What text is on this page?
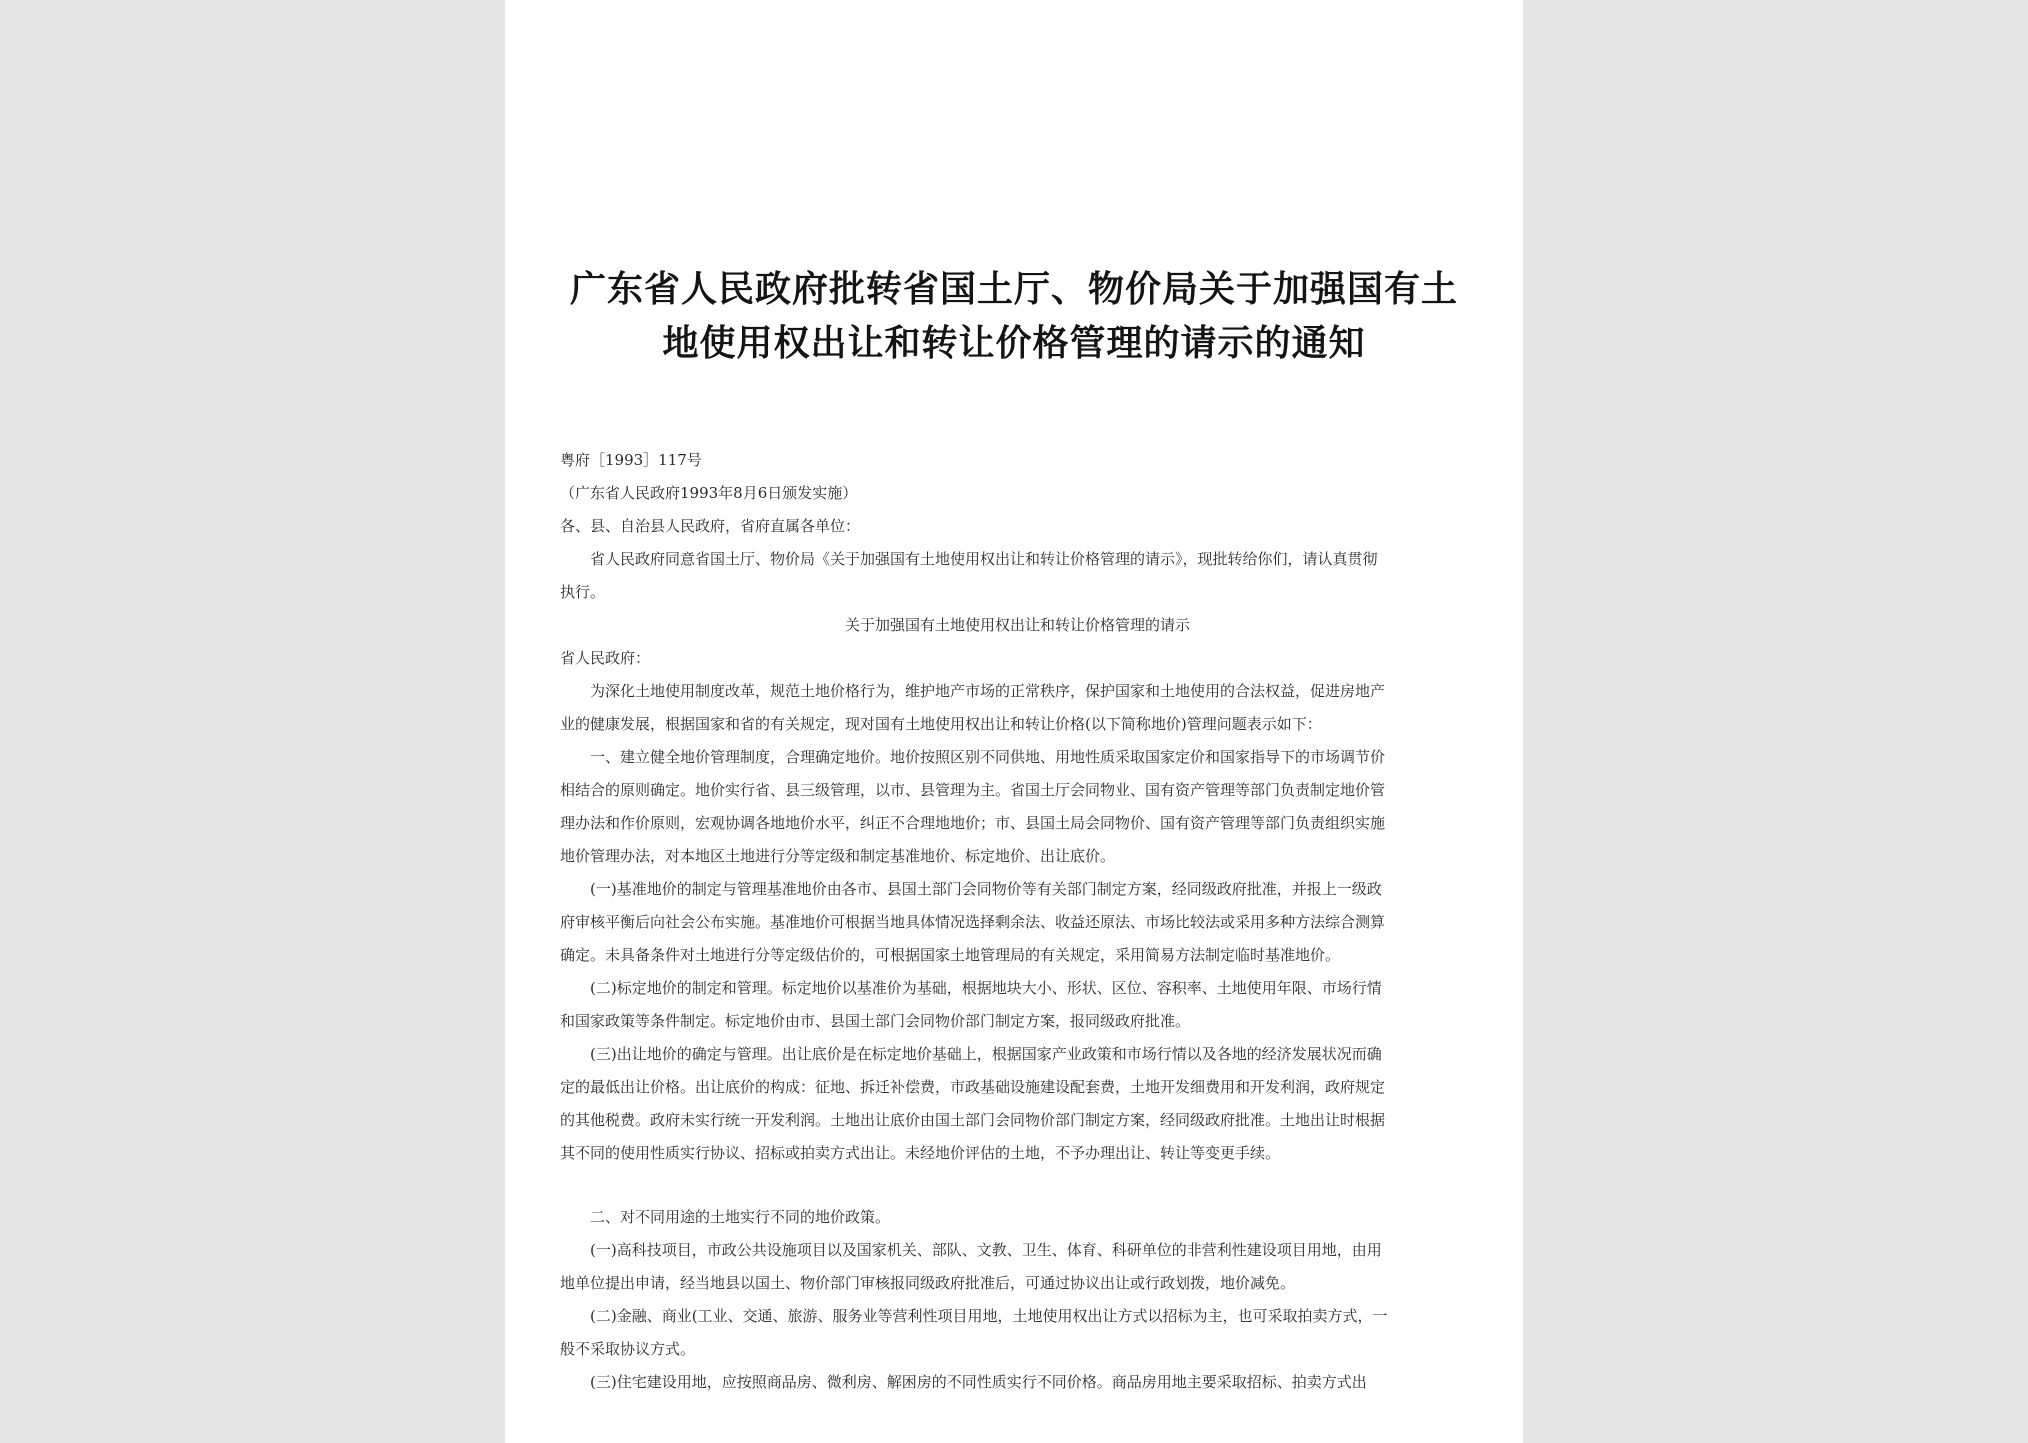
广东省人民政府批转省国土厅、物价局关于加强国有土
地使用权出让和转让价格管理的请示的通知
粤府［1993］117号
（广东省人民政府1993年8月6日颁发实施）
各、县、自治县人民政府，省府直属各单位：
省人民政府同意省国土厅、物价局《关于加强国有土地使用权出让和转让价格管理的请示》，现批转给你们，请认真贯彻
执行。
关于加强国有土地使用权出让和转让价格管理的请示
省人民政府：
为深化土地使用制度改革，规范土地价格行为，维护地产市场的正常秩序，保护国家和土地使用的合法权益，促进房地产
业的健康发展，根据国家和省的有关规定，现对国有土地使用权出让和转让价格(以下简称地价)管理问题表示如下：
一、建立健全地价管理制度，合理确定地价。地价按照区别不同供地、用地性质采取国家定价和国家指导下的市场调节价
相结合的原则确定。地价实行省、县三级管理，以市、县管理为主。省国土厅会同物业、国有资产管理等部门负责制定地价管
理办法和作价原则，宏观协调各地地价水平，纠正不合理地地价；市、县国土局会同物价、国有资产管理等部门负责组织实施
地价管理办法，对本地区土地进行分等定级和制定基准地价、标定地价、出让底价。
(一)基准地价的制定与管理基准地价由各市、县国土部门会同物价等有关部门制定方案，经同级政府批准，并报上一级政
府审核平衡后向社会公布实施。基准地价可根据当地具体情况选择剩余法、收益还原法、市场比较法或采用多种方法综合测算
确定。未具备条件对土地进行分等定级估价的，可根据国家土地管理局的有关规定，采用简易方法制定临时基准地价。
(二)标定地价的制定和管理。标定地价以基准价为基础，根据地块大小、形状、区位、容积率、土地使用年限、市场行情
和国家政策等条件制定。标定地价由市、县国土部门会同物价部门制定方案，报同级政府批准。
(三)出让地价的确定与管理。出让底价是在标定地价基础上，根据国家产业政策和市场行情以及各地的经济发展状况而确
定的最低出让价格。出让底价的构成：征地、拆迁补偿费，市政基础设施建设配套费，土地开发细费用和开发利润，政府规定
的其他税费。政府未实行统一开发利润。土地出让底价由国土部门会同物价部门制定方案，经同级政府批准。土地出让时根据
其不同的使用性质实行协议、招标或拍卖方式出让。未经地价评估的土地，不予办理出让、转让等变更手续。
二、对不同用途的土地实行不同的地价政策。
(一)高科技项目，市政公共设施项目以及国家机关、部队、文教、卫生、体育、科研单位的非营利性建设项目用地，由用
地单位提出申请，经当地县以国土、物价部门审核报同级政府批准后，可通过协议出让或行政划拨，地价减免。
(二)金融、商业(工业、交通、旅游、服务业等营利性项目用地，土地使用权出让方式以招标为主，也可采取拍卖方式，一
般不采取协议方式。
(三)住宅建设用地，应按照商品房、微利房、解困房的不同性质实行不同价格。商品房用地主要采取招标、拍卖方式出
